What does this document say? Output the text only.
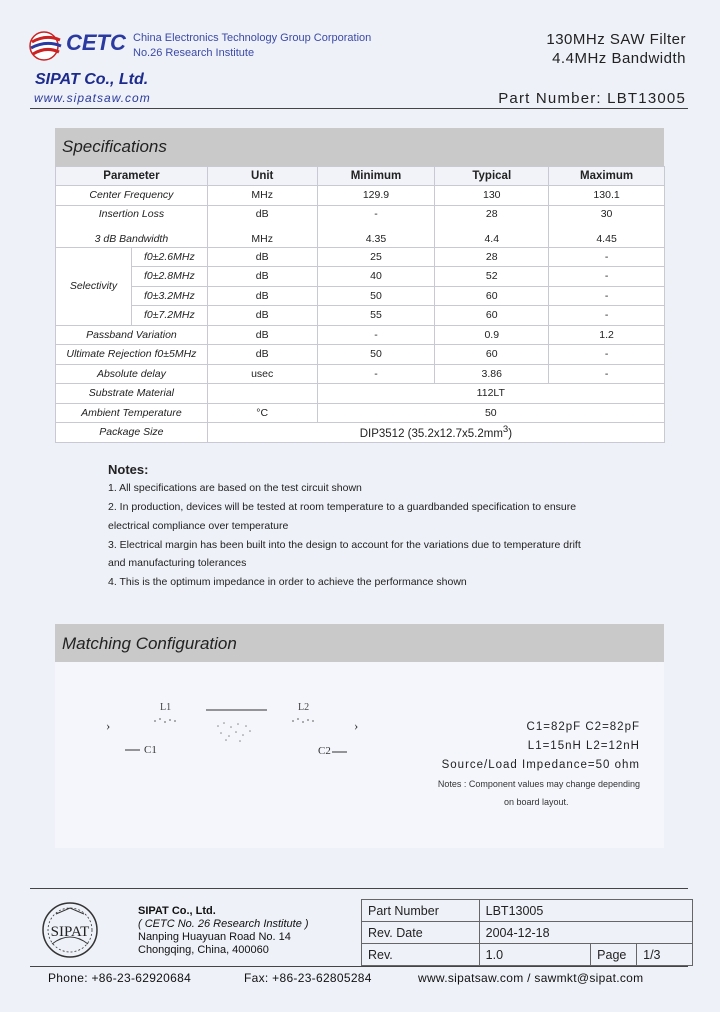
CETC China Electronics Technology Group Corporation
No.26 Research Institute
SIPAT Co., Ltd.
www.sipatsaw.com
130MHz SAW Filter
4.4MHz Bandwidth
Part Number: LBT13005
Specifications
Parameter		Unit	Minimum	Typical	Maximum
Center Frequency		MHz	129.9	130	130.1
Insertion Loss		dB	-	28	30
3 dB Bandwidth		MHz	4.35	4.4	4.45
Selectivity	f0±2.6MHz	dB	25	28	-
	f0±2.8MHz	dB	40	52	-
	f0±3.2MHz	dB	50	60	-
	f0±7.2MHz	dB	55	60	-
Passband Variation		dB	-	0.9	1.2
Ultimate Rejection f0±5MHz		dB	50	60	-
Absolute delay		usec	-	3.86	-
Substrate Material			112LT		
Ambient Temperature		°C	50		
Package Size		DIP3512 $(35.2x12.7x5.2mm^3)$			
Notes:
1. All specifications are based on the test circuit shown
2. In production, devices will be tested at room temperature to a guardbanded specification to ensure
electrical compliance over temperature
3. Electrical margin has been built into the design to account for the variations due to temperature drift
and manufacturing tolerances
4. This is the optimum impedance in order to achieve the performance shown
Matching Configuration
›	›
L1	L2
C1	C2
C1=82pF C2=82pF
L1=15nH L2=12nH
Source/Load Impedance=50 ohm
Notes : Component values may change depending
on board layout.
SIPAT
SIPAT Co., Ltd.
( CETC No. 26 Research Institute )
Nanping Huayuan Road No. 14
Chongqing, China, 400060
Part Number	LBT13005		
Rev. Date	2004-12-18		
Rev.	1.0	Page	1/3
Phone: +86-23-62920684	Fax: +86-23-62805284	www.sipatsaw.com / sawmkt@sipat.com
